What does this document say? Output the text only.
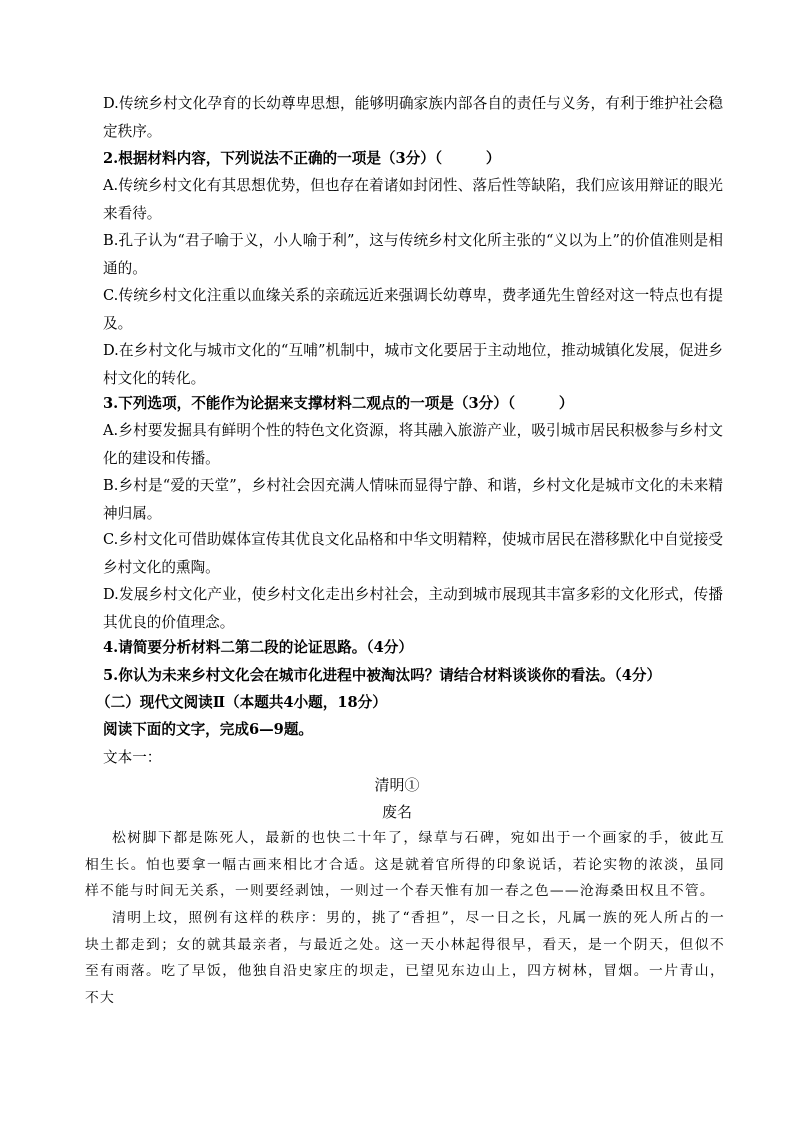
D.传统乡村文化孕育的长幼尊卑思想，能够明确家族内部各自的责任与义务，有利于维护社会稳定秩序。
2.根据材料内容，下列说法不正确的一项是（3分）（　　　）
A.传统乡村文化有其思想优势，但也存在着诸如封闭性、落后性等缺陷，我们应该用辩证的眼光来看待。
B.孔子认为“君子喻于义，小人喻于利”，这与传统乡村文化所主张的“义以为上”的价值准则是相通的。
C.传统乡村文化注重以血缘关系的亲疏远近来强调长幼尊卑，费孝通先生曾经对这一特点也有提及。
D.在乡村文化与城市文化的“互哺”机制中，城市文化要居于主动地位，推动城镇化发展，促进乡村文化的转化。
3.下列选项，不能作为论据来支撑材料二观点的一项是（3分）（　　　）
A.乡村要发掘具有鲜明个性的特色文化资源，将其融入旅游产业，吸引城市居民积极参与乡村文化的建设和传播。
B.乡村是“爱的天堂”，乡村社会因充满人情味而显得宁静、和谐，乡村文化是城市文化的未来精神归属。
C.乡村文化可借助媒体宣传其优良文化品格和中华文明精粹，使城市居民在潜移默化中自觉接受乡村文化的熏陶。
D.发展乡村文化产业，使乡村文化走出乡村社会，主动到城市展现其丰富多彩的文化形式，传播其优良的价值理念。
4.请简要分析材料二第二段的论证思路。（4分）
5.你认为未来乡村文化会在城市化进程中被淘汰吗？请结合材料谈谈你的看法。（4分）
（二）现代文阅读Ⅱ（本题共4小题，18分）
阅读下面的文字，完成6—9题。
文本一：
清明①
废名
松树脚下都是陈死人，最新的也快二十年了，绿草与石碑，宛如出于一个画家的手，彼此互相生长。怕也要拿一幅古画来相比才合适。这是就着官所得的印象说话，若论实物的浓淡，虽同样不能与时间无关系，一则要经剥蚀，一则过一个春天惟有加一春之色——沧海桑田权且不管。
清明上坟，照例有这样的秩序：男的，挑了“香担”，尽一日之长，凡属一族的死人所占的一块土都走到；女的就其最亲者，与最近之处。这一天小林起得很早，看天，是一个阴天，但似不至有雨落。吃了早饭，他独自沿史家庄的坝走，已望见东边山上，四方树林，冒烟。一片青山，不大
